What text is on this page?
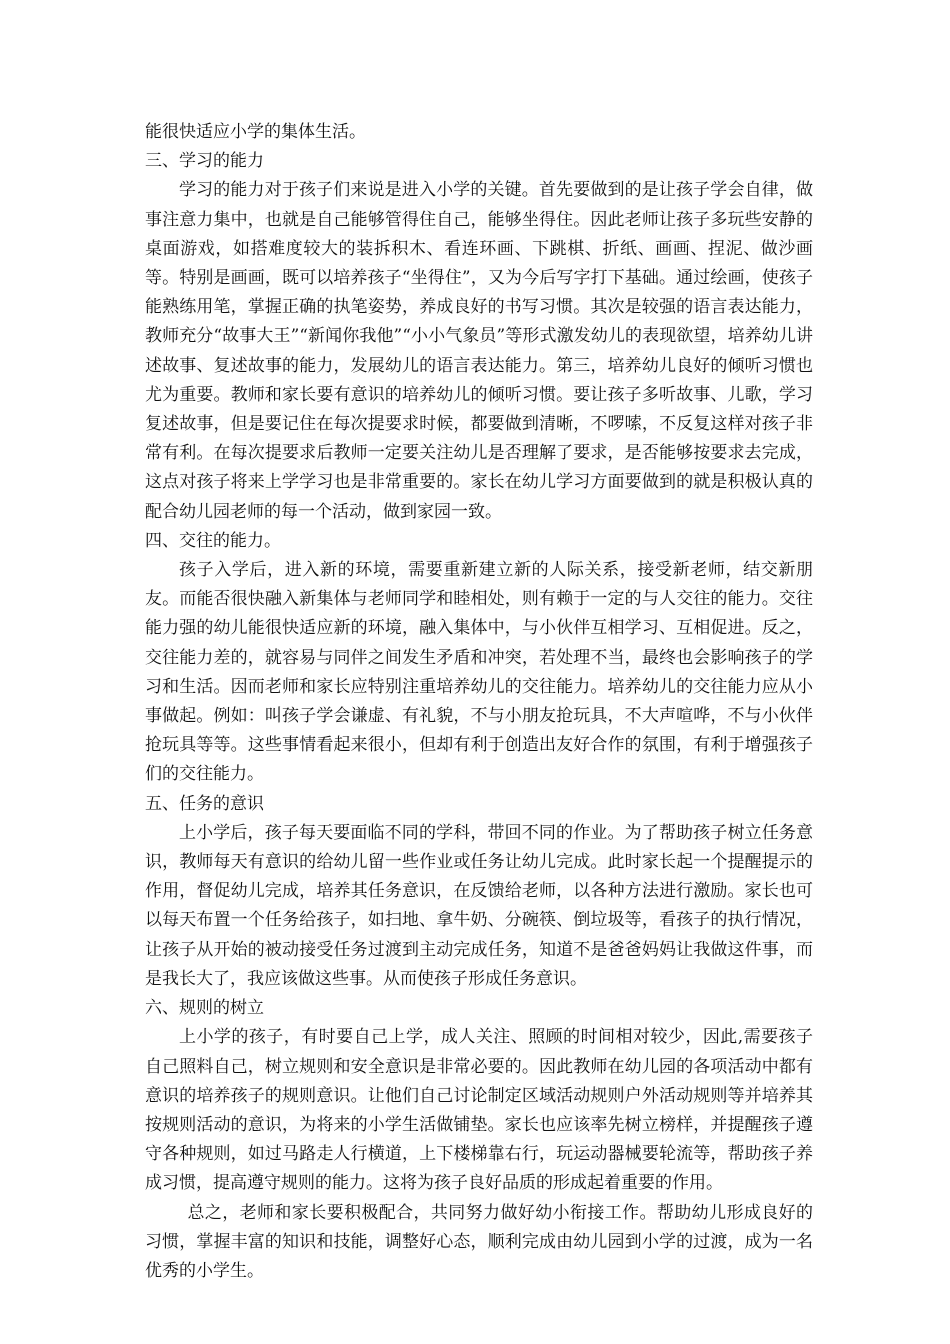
能很快适应小学的集体生活。
三、学习的能力
学习的能力对于孩子们来说是进入小学的关键。首先要做到的是让孩子学会自律，做事注意力集中，也就是自己能够管得住自己，能够坐得住。因此老师让孩子多玩些安静的桌面游戏，如搭难度较大的装拆积木、看连环画、下跳棋、折纸、画画、捏泥、做沙画等。特别是画画，既可以培养孩子“坐得住”，又为今后写字打下基础。通过绘画，使孩子能熟练用笔，掌握正确的执笔姿势，养成良好的书写习惯。其次是较强的语言表达能力，教师充分“故事大王”“新闻你我他”“小小气象员”等形式激发幼儿的表现欲望，培养幼儿讲述故事、复述故事的能力，发展幼儿的语言表达能力。第三，培养幼儿良好的倾听习惯也尤为重要。教师和家长要有意识的培养幼儿的倾听习惯。要让孩子多听故事、儿歌，学习复述故事，但是要记住在每次提要求时候，都要做到清晰，不啰嗦，不反复这样对孩子非常有利。在每次提要求后教师一定要关注幼儿是否理解了要求，是否能够按要求去完成，这点对孩子将来上学学习也是非常重要的。家长在幼儿学习方面要做到的就是积极认真的配合幼儿园老师的每一个活动，做到家园一致。
四、交往的能力。
孩子入学后，进入新的环境，需要重新建立新的人际关系，接受新老师，结交新朋友。而能否很快融入新集体与老师同学和睦相处，则有赖于一定的与人交往的能力。交往能力强的幼儿能很快适应新的环境，融入集体中，与小伙伴互相学习、互相促进。反之，交往能力差的，就容易与同伴之间发生矛盾和冲突，若处理不当，最终也会影响孩子的学习和生活。因而老师和家长应特别注重培养幼儿的交往能力。培养幼儿的交往能力应从小事做起。例如：叫孩子学会谦虚、有礼貌，不与小朋友抢玩具，不大声喧哗，不与小伙伴抢玩具等等。这些事情看起来很小，但却有利于创造出友好合作的氛围，有利于增强孩子们的交往能力。
五、任务的意识
上小学后，孩子每天要面临不同的学科，带回不同的作业。为了帮助孩子树立任务意识，教师每天有意识的给幼儿留一些作业或任务让幼儿完成。此时家长起一个提醒提示的作用，督促幼儿完成，培养其任务意识，在反馈给老师，以各种方法进行激励。家长也可以每天布置一个任务给孩子，如扫地、拿牛奶、分碗筷、倒垃圾等，看孩子的执行情况，让孩子从开始的被动接受任务过渡到主动完成任务，知道不是爸爸妈妈让我做这件事，而是我长大了，我应该做这些事。从而使孩子形成任务意识。
六、规则的树立
上小学的孩子，有时要自己上学，成人关注、照顾的时间相对较少，因此,需要孩子自己照料自己，树立规则和安全意识是非常必要的。因此教师在幼儿园的各项活动中都有意识的培养孩子的规则意识。让他们自己讨论制定区域活动规则户外活动规则等并培养其按规则活动的意识，为将来的小学生活做铺垫。家长也应该率先树立榜样，并提醒孩子遵守各种规则，如过马路走人行横道，上下楼梯靠右行，玩运动器械要轮流等，帮助孩子养成习惯，提高遵守规则的能力。这将为孩子良好品质的形成起着重要的作用。
总之，老师和家长要积极配合，共同努力做好幼小衔接工作。帮助幼儿形成良好的习惯，掌握丰富的知识和技能，调整好心态，顺利完成由幼儿园到小学的过渡，成为一名优秀的小学生。
